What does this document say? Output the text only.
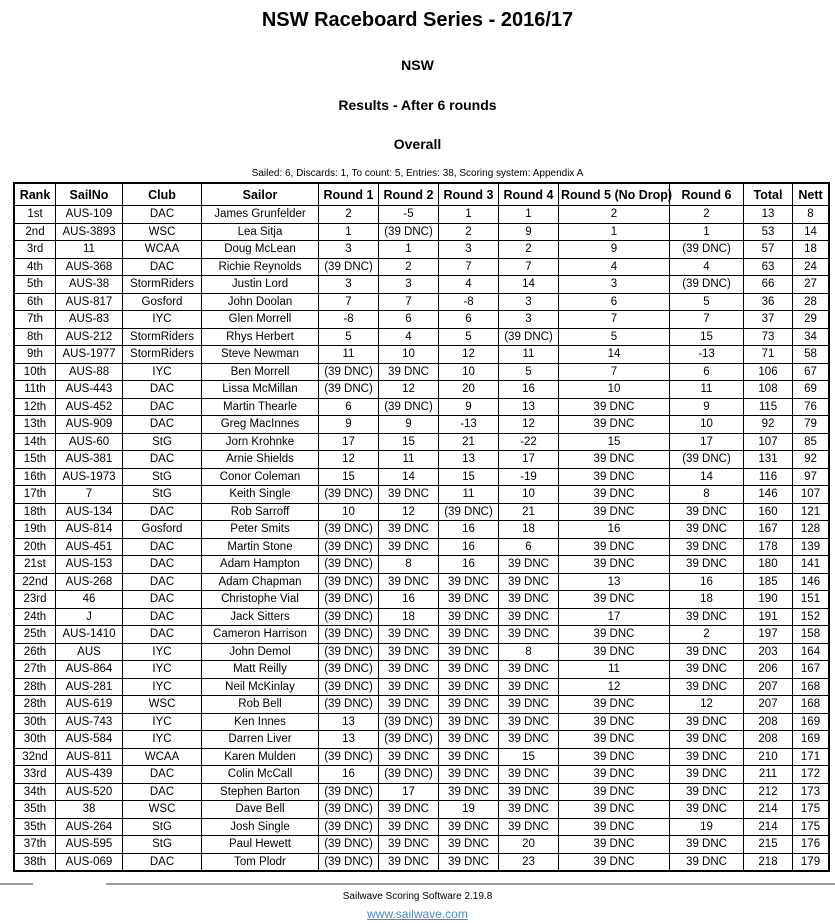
NSW Raceboard Series - 2016/17
NSW
Results - After 6 rounds
Overall
Sailed: 6, Discards: 1, To count: 5, Entries: 38, Scoring system: Appendix A
Rank	SailNo	Club	Sailor	Round 1	Round 2	Round 3	Round 4	Round 5 (No Drop)	Round 6	Total	Nett
1st	AUS-109	DAC	James Grunfelder	2	-5	1	1	2	2	13	8
2nd	AUS-3893	WSC	Lea Sitja	1	(39 DNC)	2	9	1	1	53	14
3rd	11	WCAA	Doug McLean	3	1	3	2	9	(39 DNC)	57	18
4th	AUS-368	DAC	Richie Reynolds	(39 DNC)	2	7	7	4	4	63	24
5th	AUS-38	StormRiders	Justin Lord	3	3	4	14	3	(39 DNC)	66	27
6th	AUS-817	Gosford	John Doolan	7	7	-8	3	6	5	36	28
7th	AUS-83	IYC	Glen Morrell	-8	6	6	3	7	7	37	29
8th	AUS-212	StormRiders	Rhys Herbert	5	4	5	(39 DNC)	5	15	73	34
9th	AUS-1977	StormRiders	Steve Newman	11	10	12	11	14	-13	71	58
10th	AUS-88	IYC	Ben Morrell	(39 DNC)	39 DNC	10	5	7	6	106	67
11th	AUS-443	DAC	Lissa McMillan	(39 DNC)	12	20	16	10	11	108	69
12th	AUS-452	DAC	Martin Thearle	6	(39 DNC)	9	13	39 DNC	9	115	76
13th	AUS-909	DAC	Greg MacInnes	9	9	-13	12	39 DNC	10	92	79
14th	AUS-60	StG	Jorn Krohnke	17	15	21	-22	15	17	107	85
15th	AUS-381	DAC	Arnie Shields	12	11	13	17	39 DNC	(39 DNC)	131	92
16th	AUS-1973	StG	Conor Coleman	15	14	15	-19	39 DNC	14	116	97
17th	7	StG	Keith Single	(39 DNC)	39 DNC	11	10	39 DNC	8	146	107
18th	AUS-134	DAC	Rob Sarroff	10	12	(39 DNC)	21	39 DNC	39 DNC	160	121
19th	AUS-814	Gosford	Peter Smits	(39 DNC)	39 DNC	16	18	16	39 DNC	167	128
20th	AUS-451	DAC	Martin Stone	(39 DNC)	39 DNC	16	6	39 DNC	39 DNC	178	139
21st	AUS-153	DAC	Adam Hampton	(39 DNC)	8	16	39 DNC	39 DNC	39 DNC	180	141
22nd	AUS-268	DAC	Adam Chapman	(39 DNC)	39 DNC	39 DNC	39 DNC	13	16	185	146
23rd	46	DAC	Christophe Vial	(39 DNC)	16	39 DNC	39 DNC	39 DNC	18	190	151
24th	J	DAC	Jack Sitters	(39 DNC)	18	39 DNC	39 DNC	17	39 DNC	191	152
25th	AUS-1410	DAC	Cameron Harrison	(39 DNC)	39 DNC	39 DNC	39 DNC	39 DNC	2	197	158
26th	AUS	IYC	John Demol	(39 DNC)	39 DNC	39 DNC	8	39 DNC	39 DNC	203	164
27th	AUS-864	IYC	Matt Reilly	(39 DNC)	39 DNC	39 DNC	39 DNC	11	39 DNC	206	167
28th	AUS-281	IYC	Neil McKinlay	(39 DNC)	39 DNC	39 DNC	39 DNC	12	39 DNC	207	168
28th	AUS-619	WSC	Rob Bell	(39 DNC)	39 DNC	39 DNC	39 DNC	39 DNC	12	207	168
30th	AUS-743	IYC	Ken Innes	13	(39 DNC)	39 DNC	39 DNC	39 DNC	39 DNC	208	169
30th	AUS-584	IYC	Darren Liver	13	(39 DNC)	39 DNC	39 DNC	39 DNC	39 DNC	208	169
32nd	AUS-811	WCAA	Karen Mulden	(39 DNC)	39 DNC	39 DNC	15	39 DNC	39 DNC	210	171
33rd	AUS-439	DAC	Colin McCall	16	(39 DNC)	39 DNC	39 DNC	39 DNC	39 DNC	211	172
34th	AUS-520	DAC	Stephen Barton	(39 DNC)	17	39 DNC	39 DNC	39 DNC	39 DNC	212	173
35th	38	WSC	Dave Bell	(39 DNC)	39 DNC	19	39 DNC	39 DNC	39 DNC	214	175
35th	AUS-264	StG	Josh Single	(39 DNC)	39 DNC	39 DNC	39 DNC	39 DNC	19	214	175
37th	AUS-595	StG	Paul Hewett	(39 DNC)	39 DNC	39 DNC	20	39 DNC	39 DNC	215	176
38th	AUS-069	DAC	Tom Plodr	(39 DNC)	39 DNC	39 DNC	23	39 DNC	39 DNC	218	179
Sailwave Scoring Software 2.19.8
www.sailwave.com
